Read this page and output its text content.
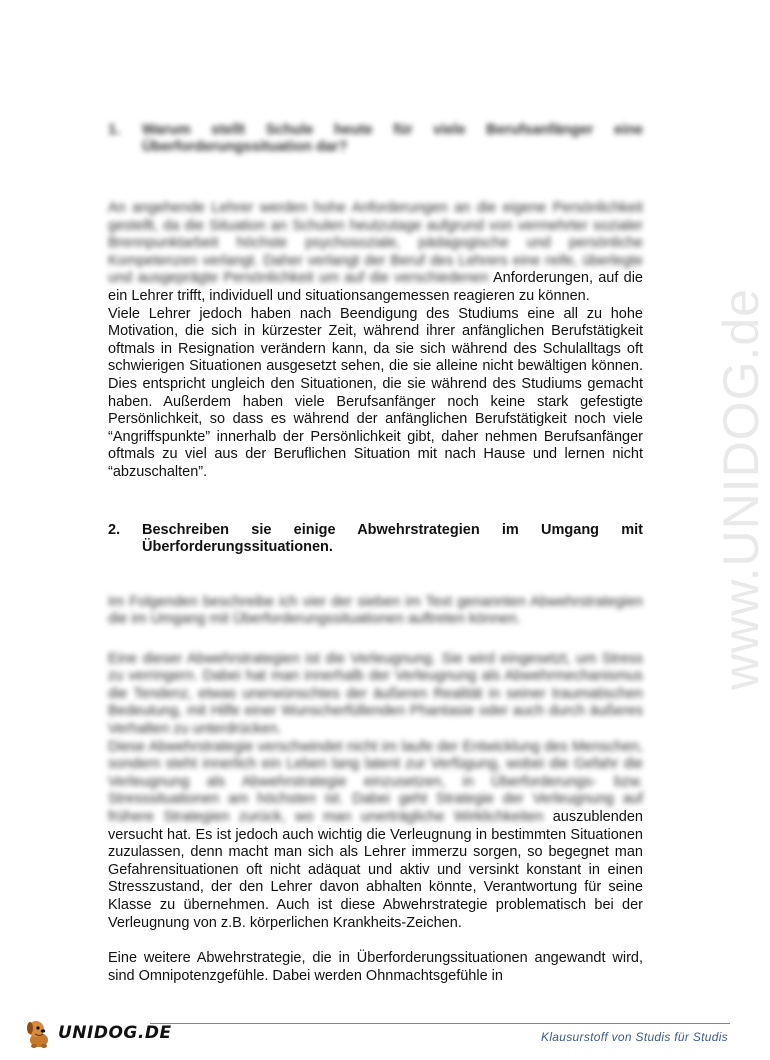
www.UNIDOG.de
1.	Warum stellt Schule heute für viele Berufsanfänger eine Überforderungssituation dar?

An angehende Lehrer werden hohe Anforderungen an die eigene Persönlichkeit gestellt, da die Situation an Schulen heutzutage aufgrund von vermehrter sozialer Brennpunktarbeit höchste psychosoziale, pädagogische und persönliche Kompetenzen verlangt. Daher verlangt der Beruf des Lehrers eine reife, überlegte und ausgeprägte Persönlichkeit um auf die verschiedenen Anforderungen, auf die ein Lehrer trifft, individuell und situationsangemessen reagieren zu können.

Viele Lehrer jedoch haben nach Beendigung des Studiums eine all zu hohe Motivation, die sich in kürzester Zeit, während ihrer anfänglichen Berufstätigkeit oftmals in Resignation verändern kann, da sie sich während des Schulalltags oft schwierigen Situationen ausgesetzt sehen, die sie alleine nicht bewältigen können. Dies entspricht ungleich den Situationen, die sie während des Studiums gemacht haben. Außerdem haben viele Berufsanfänger noch keine stark gefestigte Persönlichkeit, so dass es während der anfänglichen Berufstätigkeit noch viele “Angriffspunkte” innerhalb der Persönlichkeit gibt, daher nehmen Berufsanfänger oftmals zu viel aus der Beruflichen Situation mit nach Hause und lernen nicht “abzuschalten”.

2.	Beschreiben sie einige Abwehrstrategien im Umgang mit Überforderungssituationen.

Im Folgenden beschreibe ich vier der sieben im Text genannten Abwehrstrategien die im Umgang mit Überforderungssituationen auftreten können.

Eine dieser Abwehrstrategien ist die Verleugnung. Sie wird eingesetzt, um Stress zu verringern. Dabei hat man innerhalb der Verleugnung als Abwehrmechanismus die Tendenz, etwas unerwünschtes der äußeren Realität in seiner traumatischen Bedeutung, mit Hilfe einer Wunscherfüllenden Phantasie oder auch durch äußeres Verhalten zu unterdrücken.

Diese Abwehrstrategie verschwindet nicht im laufe der Entwicklung des Menschen, sondern steht innerlich ein Leben lang latent zur Verfügung, wobei die Gefahr die Verleugnung als Abwehrstrategie einzusetzen, in Überforderungs- bzw. Stresssituationen am höchsten ist. Dabei geht Strategie der Verleugnung auf frühere Strategien zurück, wo man unerträgliche Wirklichkeiten auszublenden versucht hat. Es ist jedoch auch wichtig die Verleugnung in bestimmten Situationen zuzulassen, denn macht man sich als Lehrer immerzu sorgen, so begegnet man Gefahrensituationen oft nicht adäquat und aktiv und versinkt konstant in einen Stresszustand, der den Lehrer davon abhalten könnte, Verantwortung für seine Klasse zu übernehmen. Auch ist diese Abwehrstrategie problematisch bei der Verleugnung von z.B. körperlichen Krankheits-Zeichen.

Eine weitere Abwehrstrategie, die in Überforderungssituationen angewandt wird, sind Omnipotenzgefühle. Dabei werden Ohnmachtsgefühle in

UNIDOG.DE	Klausurstoff von Studis für Studis
